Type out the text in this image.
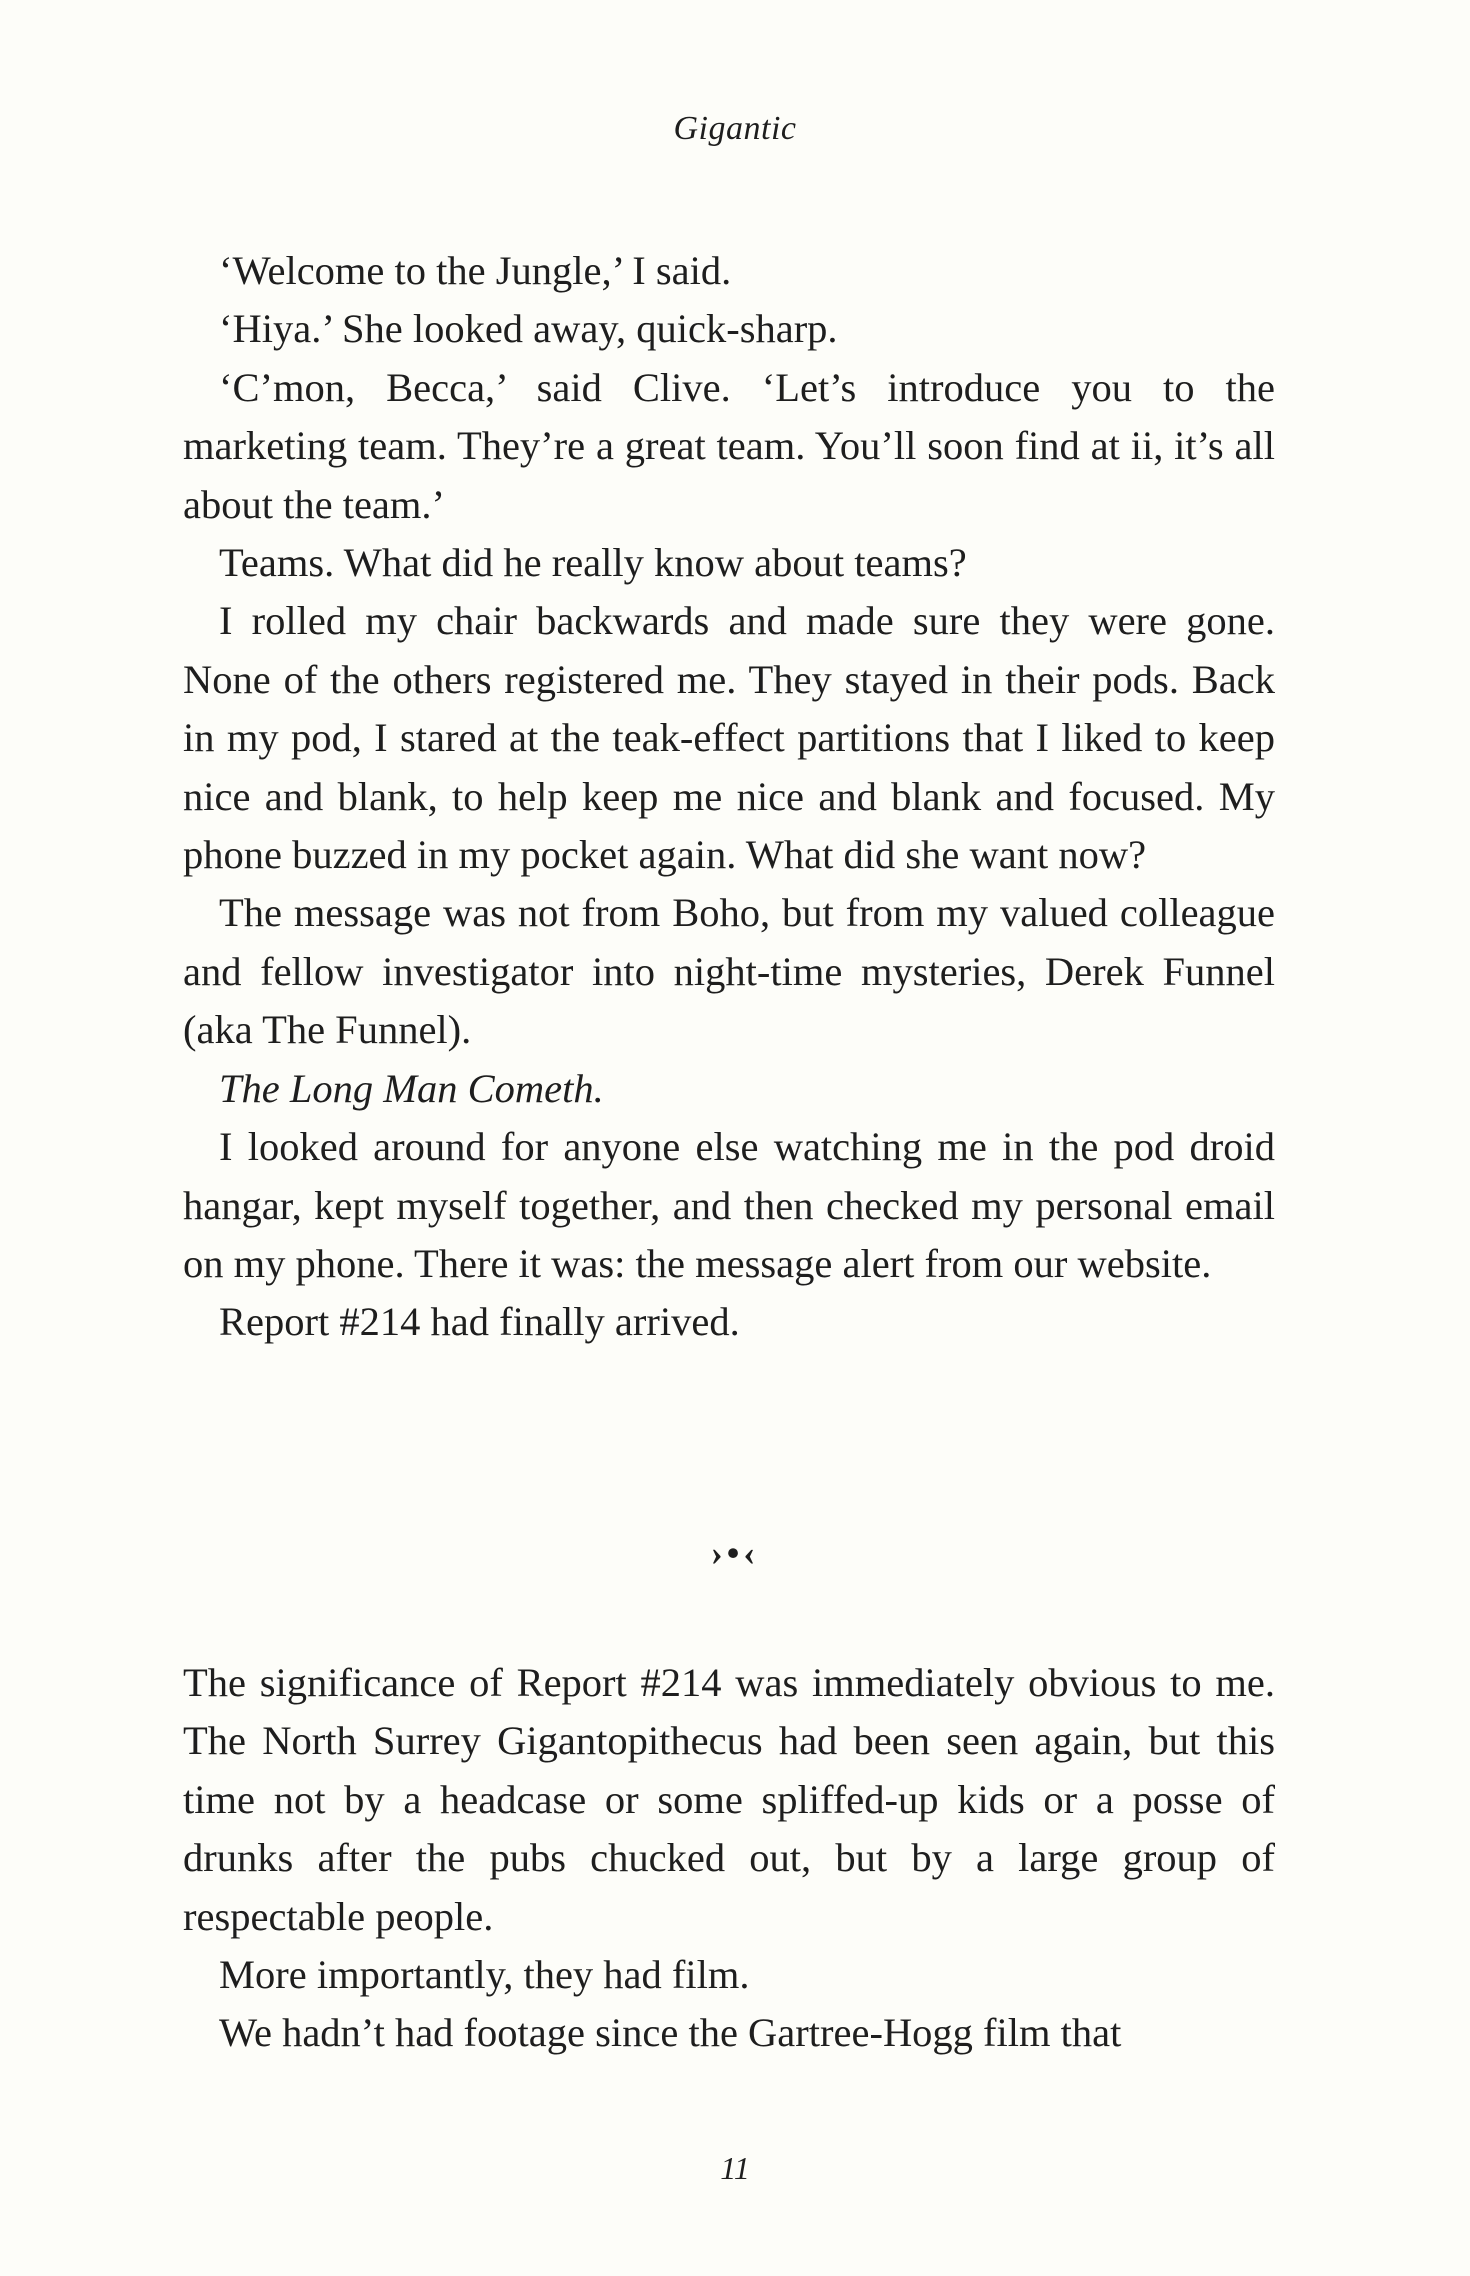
Gigantic

‘Welcome to the Jungle,’ I said.

‘Hiya.’ She looked away, quick-sharp.

‘C’mon, Becca,’ said Clive. ‘Let’s introduce you to the marketing team. They’re a great team. You’ll soon find at ii, it’s all about the team.’

Teams. What did he really know about teams?

I rolled my chair backwards and made sure they were gone. None of the others registered me. They stayed in their pods. Back in my pod, I stared at the teak-effect partitions that I liked to keep nice and blank, to help keep me nice and blank and focused. My phone buzzed in my pocket again. What did she want now?

The message was not from Boho, but from my valued colleague and fellow investigator into night-time mysteries, Derek Funnel (aka The Funnel).

The Long Man Cometh.

I looked around for anyone else watching me in the pod droid hangar, kept myself together, and then checked my personal email on my phone. There it was: the message alert from our website.

Report #214 had finally arrived.

›•‹

The significance of Report #214 was immediately obvious to me. The North Surrey Gigantopithecus had been seen again, but this time not by a headcase or some spliffed-up kids or a posse of drunks after the pubs chucked out, but by a large group of respectable people.

More importantly, they had film.

We hadn’t had footage since the Gartree-Hogg film that

11
